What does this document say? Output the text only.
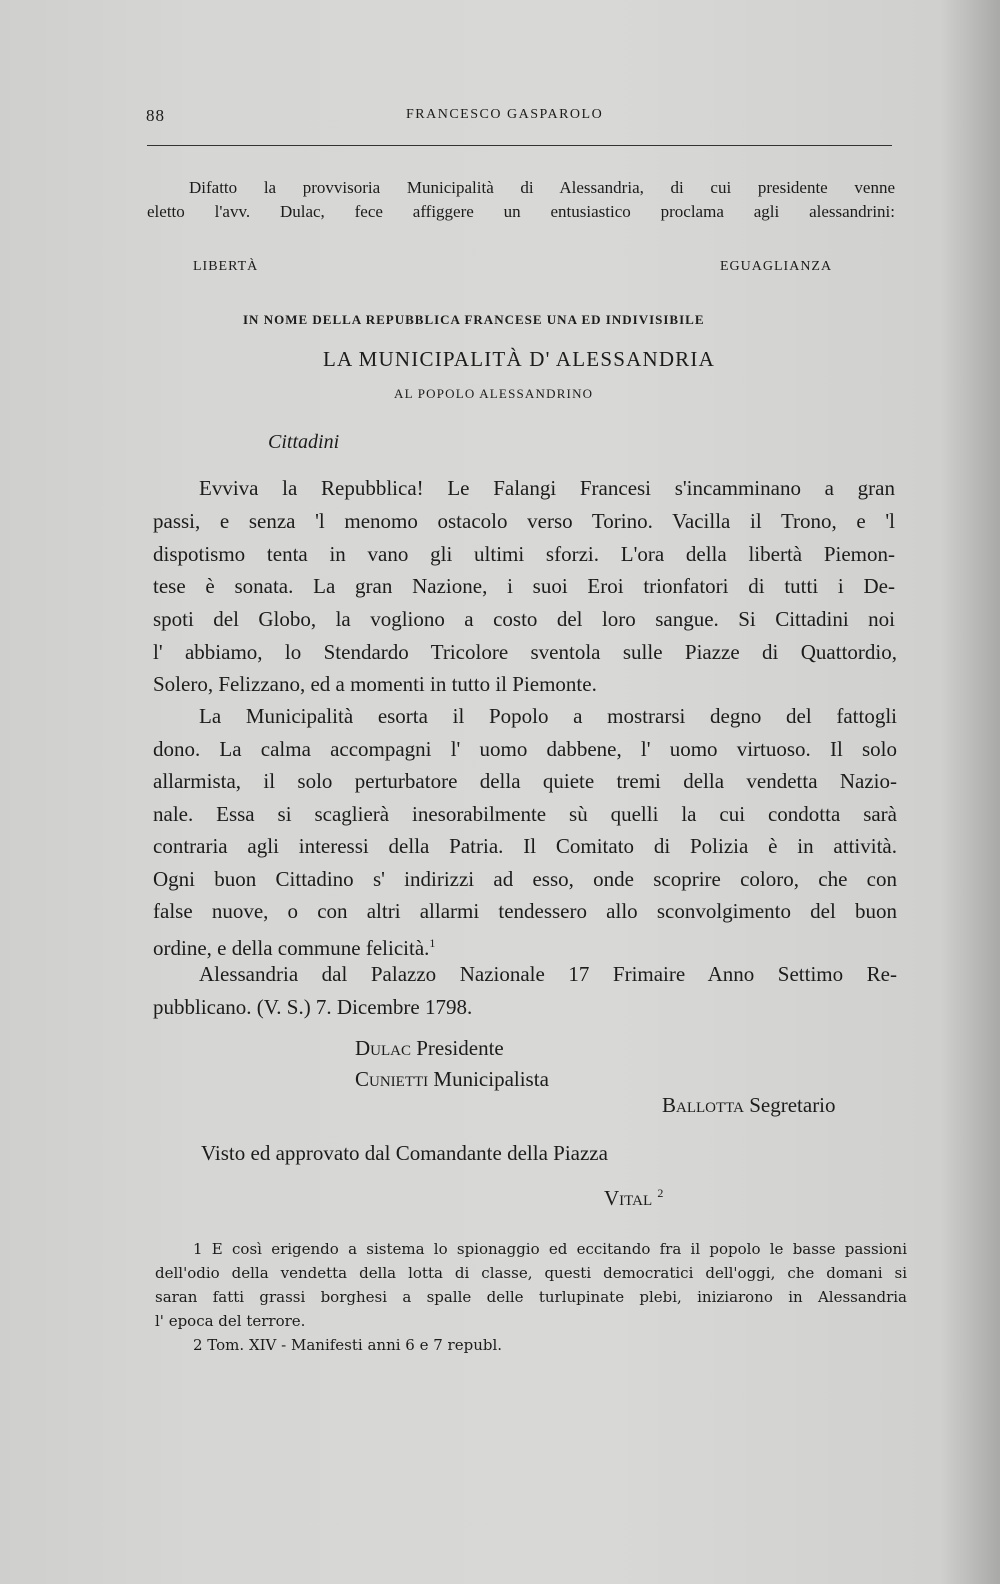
88	FRANCESCO GASPAROLO
Difatto la provvisoria Municipalità di Alessandria, di cui presidente venne
eletto l'avv. Dulac, fece affiggere un entusiastico proclama agli alessandrini:
LIBERTÀ	EGUAGLIANZA
IN NOME DELLA REPUBBLICA FRANCESE UNA ED INDIVISIBILE
LA MUNICIPALITÀ D' ALESSANDRIA
AL POPOLO ALESSANDRINO
Cittadini
Evviva la Repubblica! Le Falangi Francesi s'incamminano a gran
passi, e senza 'l menomo ostacolo verso Torino. Vacilla il Trono, e 'l
dispotismo tenta in vano gli ultimi sforzi. L'ora della libertà Piemon-
tese è sonata. La gran Nazione, i suoi Eroi trionfatori di tutti i De-
spoti del Globo, la vogliono a costo del loro sangue. Si Cittadini noi
l' abbiamo, lo Stendardo Tricolore sventola sulle Piazze di Quattordio,
Solero, Felizzano, ed a momenti in tutto il Piemonte.
La Municipalità esorta il Popolo a mostrarsi degno del fattogli
dono. La calma accompagni l' uomo dabbene, l' uomo virtuoso. Il solo
allarmista, il solo perturbatore della quiete tremi della vendetta Nazio-
nale. Essa si scaglierà inesorabilmente sù quelli la cui condotta sarà
contraria agli interessi della Patria. Il Comitato di Polizia è in attività.
Ogni buon Cittadino s' indirizzi ad esso, onde scoprire coloro, che con
false nuove, o con altri allarmi tendessero allo sconvolgimento del buon
ordine, e della commune felicità.$^1$
Alessandria dal Palazzo Nazionale 17 Frimaire Anno Settimo Re-
pubblicano. (V. S.) 7. Dicembre 1798.
Dulac Presidente
Cunietti Municipalista
Ballotta Segretario
Visto ed approvato dal Comandante della Piazza
Vital $^2$
1 E così erigendo a sistema lo spionaggio ed eccitando fra il popolo le basse passioni
dell'odio della vendetta della lotta di classe, questi democratici dell'oggi, che domani si
saran fatti grassi borghesi a spalle delle turlupinate plebi, iniziarono in Alessandria
l' epoca del terrore.
2 Tom. XIV - Manifesti anni 6 e 7 republ.
